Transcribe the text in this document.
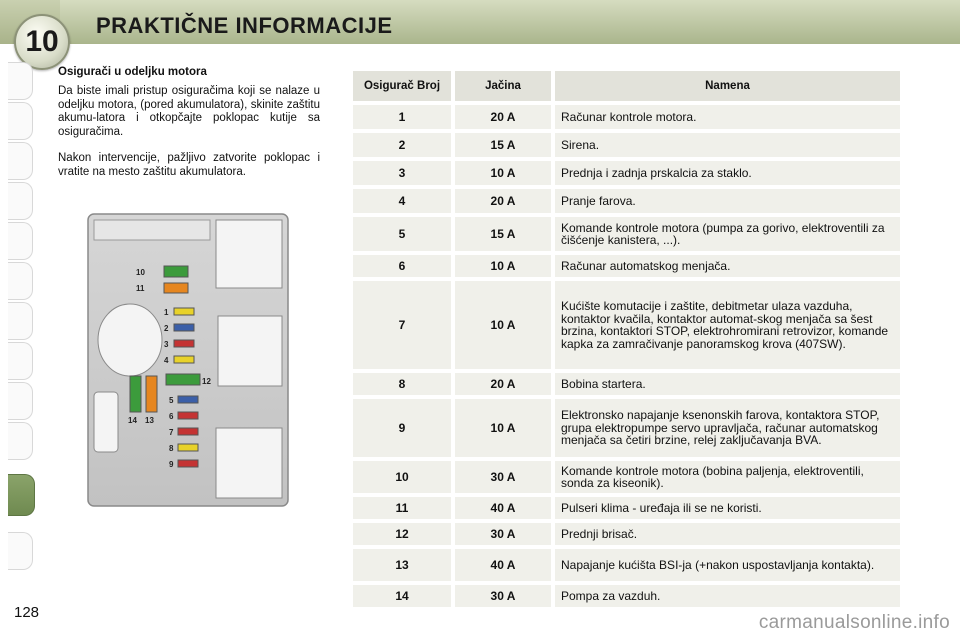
10	PRAKTIČNE INFORMACIJE
Osigurači u odeljku motora
Da biste imali pristup osiguračima koji se nalaze u odeljku motora, (pored akumulatora), skinite zaštitu akumu-latora i otkopčajte poklopac kutije sa osiguračima.
Nakon intervencije, pažljivo zatvorite poklopac i vratite na mesto zaštitu akumulatora.
10
11
1
2
3
4
12
5
6
7
8
9
14 13
Osigurač Broj	Jačina	Namena
1	20 A	Računar kontrole motora.
2	15 A	Sirena.
3	10 A	Prednja i zadnja prskalcia za staklo.
4	20 A	Pranje farova.
5	15 A	Komande kontrole motora (pumpa za gorivo, elektroventili za čišćenje kanistera, ...).
6	10 A	Računar automatskog menjača.
7	10 A	Kućište komutacije i zaštite, debitmetar ulaza vazduha, kontaktor kvačila, kontaktor automat-skog menjača sa šest brzina, kontaktori STOP, elektrohromirani retrovizor, komande kapka za zamračivanje panoramskog krova (407SW).
8	20 A	Bobina startera.
9	10 A	Elektronsko napajanje ksenonskih farova, kontaktora STOP, grupa elektropumpe servo upravljača, računar automatskog menjača sa četiri brzine, relej zaključavanja BVA.
10	30 A	Komande kontrole motora (bobina paljenja, elektroventili, sonda za kiseonik).
11	40 A	Pulseri klima - uređaja ili se ne koristi.
12	30 A	Prednji brisač.
13	40 A	Napajanje kućišta BSI-ja (+nakon uspostavljanja kontakta).
14	30 A	Pompa za vazduh.
128	carmanualsonline.info
